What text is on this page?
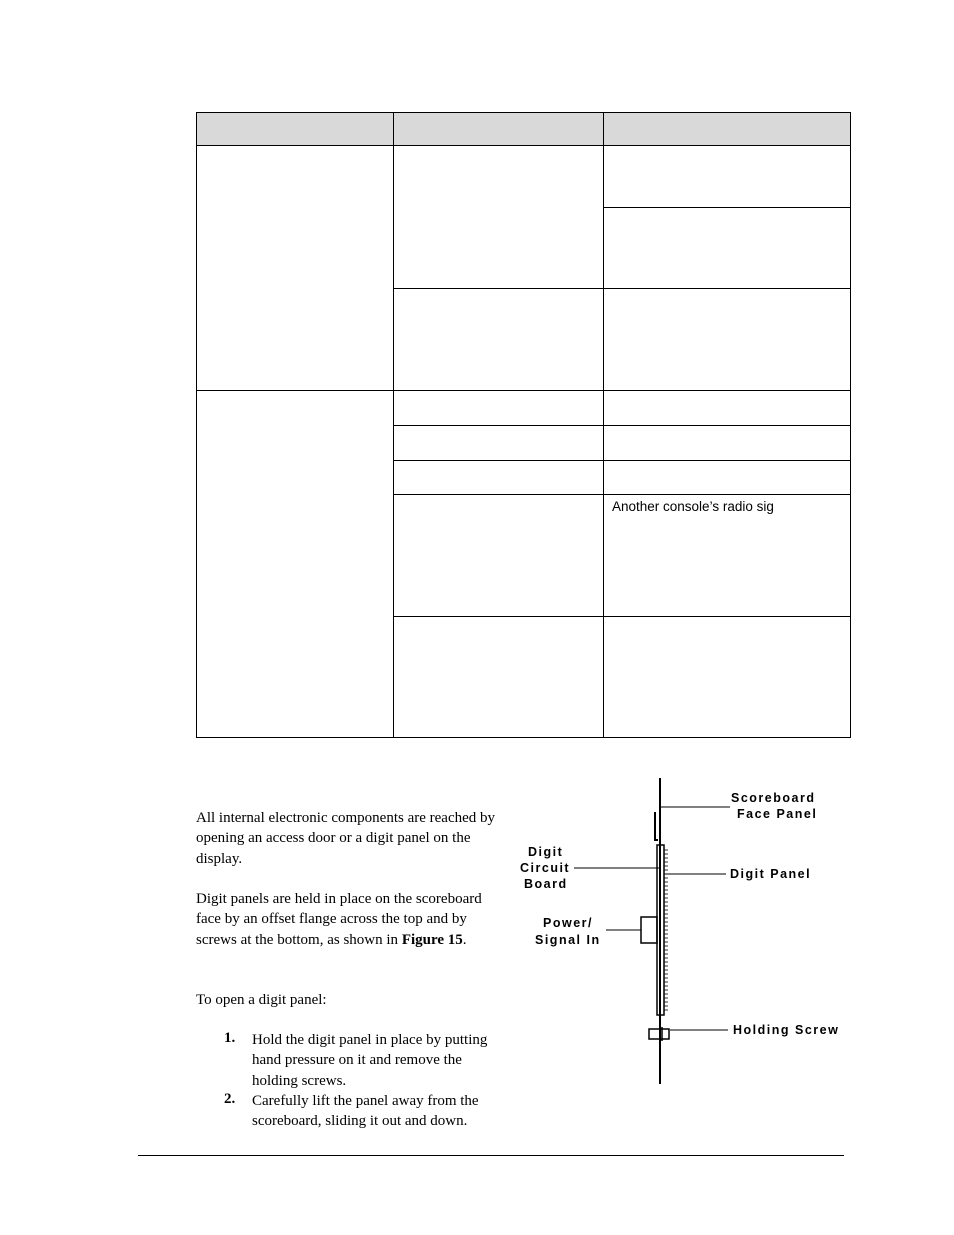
		Another console’s radio sig

All internal electronic components are reached by opening an access door or a digit panel on the display.
Digit panels are held in place on the scoreboard face by an offset flange across the top and by screws at the bottom, as shown in Figure 15.
To open a digit panel:
1. Hold the digit panel in place by putting hand pressure on it and remove the holding screws.
2. Carefully lift the panel away from the scoreboard, sliding it out and down.
Scoreboard
Face Panel
Digit
Circuit
Board
Digit Panel
Power/
Signal In
Holding Screw
